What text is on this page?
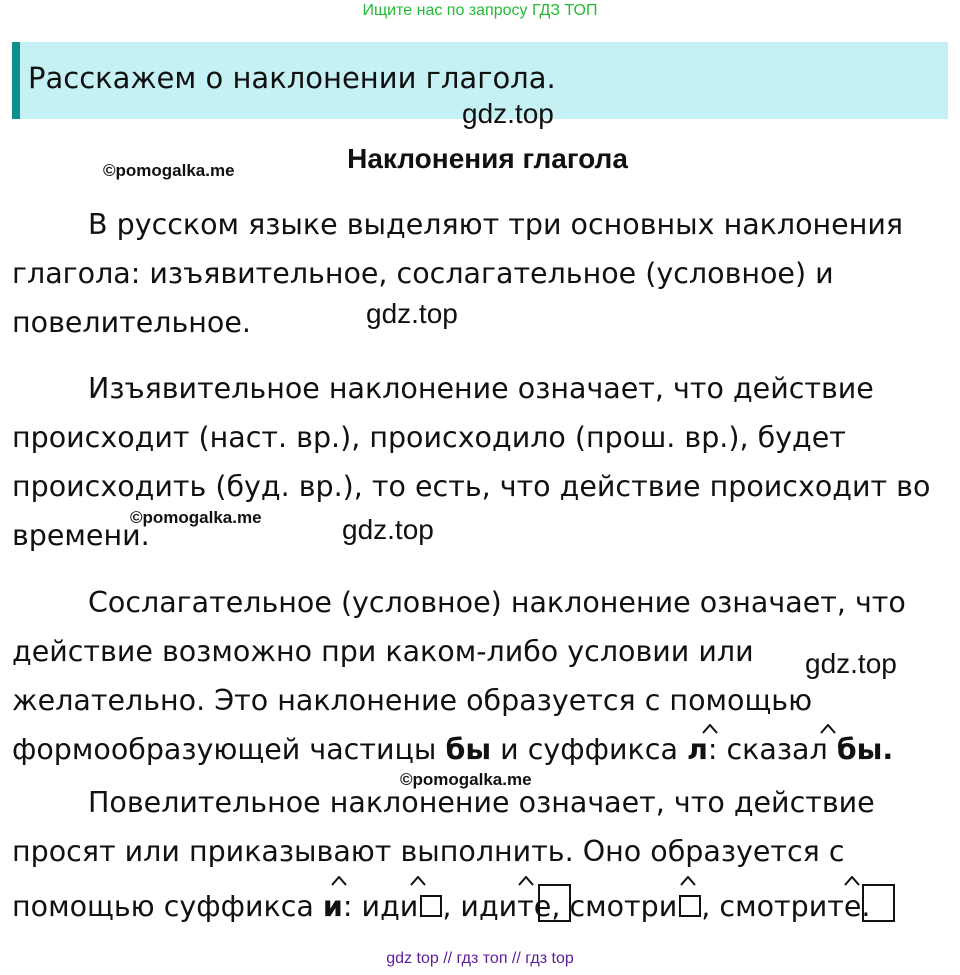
Ищите нас по запросу ГДЗ ТОП
Расскажем о наклонении глагола.
gdz.top
©pomogalka.me	Наклонения глагола
В русском языке выделяют три основных наклонения
глагола: изъявительное, сослагательное (условное) и
повелительное.	gdz.top
Изъявительное наклонение означает, что действие
происходит (наст. вр.), происходило (прош. вр.), будет
происходить (буд. вр.), то есть, что действие происходит во
времени.
©pomogalka.me	gdz.top
Сослагательное (условное) наклонение означает, что
действие возможно при каком-либо условии или gdz.top
желательно. Это наклонение образуется с помощью
формообразующей частицы бы и суффикса л: сказал бы.
©pomogalka.me
Повелительное наклонение означает, что действие
просят или приказывают выполнить. Оно образуется с
помощью суффикса и: иди , идите, смотри , смотрите.
gdz top // гдз топ // гдз top
